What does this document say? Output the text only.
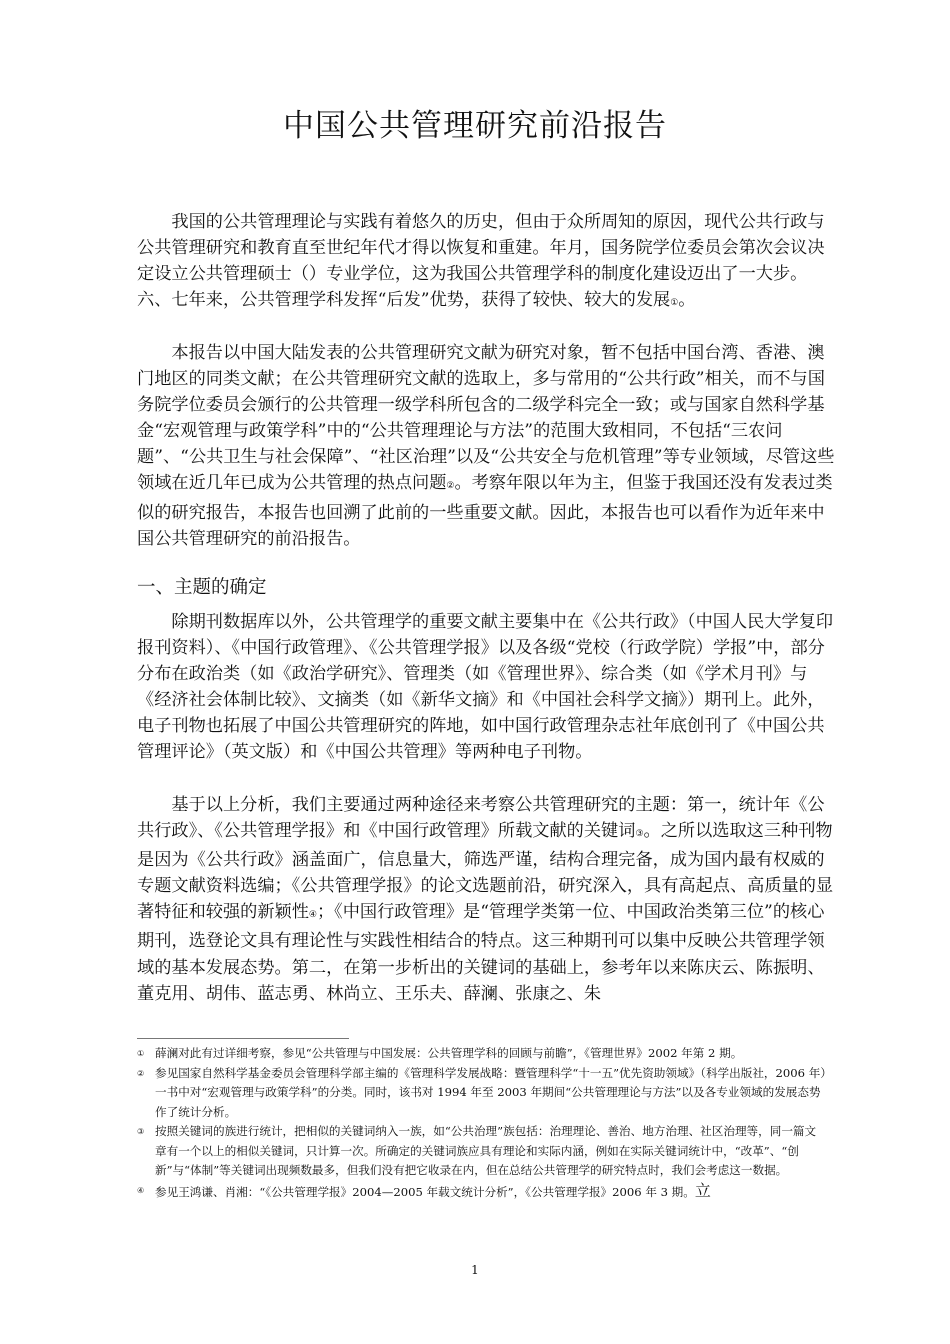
中国公共管理研究前沿报告

我国的公共管理理论与实践有着悠久的历史，但由于众所周知的原因，现代公共行政与公共管理研究和教育直至世纪年代才得以恢复和重建。年月，国务院学位委员会第次会议决定设立公共管理硕士（）专业学位，这为我国公共管理学科的制度化建设迈出了一大步。六、七年来，公共管理学科发挥“后发”优势，获得了较快、较大的发展①。

本报告以中国大陆发表的公共管理研究文献为研究对象，暂不包括中国台湾、香港、澳门地区的同类文献；在公共管理研究文献的选取上，多与常用的“公共行政”相关，而不与国务院学位委员会颁行的公共管理一级学科所包含的二级学科完全一致；或与国家自然科学基金“宏观管理与政策学科”中的“公共管理理论与方法”的范围大致相同，不包括“三农问题”、“公共卫生与社会保障”、“社区治理”以及“公共安全与危机管理”等专业领域，尽管这些领域在近几年已成为公共管理的热点问题②。考察年限以年为主，但鉴于我国还没有发表过类似的研究报告，本报告也回溯了此前的一些重要文献。因此，本报告也可以看作为近年来中国公共管理研究的前沿报告。

一、主题的确定

除期刊数据库以外，公共管理学的重要文献主要集中在《公共行政》（中国人民大学复印报刊资料）、《中国行政管理》、《公共管理学报》以及各级“党校（行政学院）学报”中，部分分布在政治类（如《政治学研究》、管理类（如《管理世界》、综合类（如《学术月刊》与《经济社会体制比较》、文摘类（如《新华文摘》和《中国社会科学文摘》）期刊上。此外，电子刊物也拓展了中国公共管理研究的阵地，如中国行政管理杂志社年底创刊了《中国公共管理评论》（英文版）和《中国公共管理》等两种电子刊物。

基于以上分析，我们主要通过两种途径来考察公共管理研究的主题：第一，统计年《公共行政》、《公共管理学报》和《中国行政管理》所载文献的关键词③。之所以选取这三种刊物是因为《公共行政》涵盖面广，信息量大，筛选严谨，结构合理完备，成为国内最有权威的专题文献资料选编；《公共管理学报》的论文选题前沿，研究深入，具有高起点、高质量的显著特征和较强的新颖性④；《中国行政管理》是“管理学类第一位、中国政治类第三位”的核心期刊，选登论文具有理论性与实践性相结合的特点。这三种期刊可以集中反映公共管理学领域的基本发展态势。第二，在第一步析出的关键词的基础上，参考年以来陈庆云、陈振明、董克用、胡伟、蓝志勇、林尚立、王乐夫、薛澜、张康之、朱

① 薛澜对此有过详细考察，参见“公共管理与中国发展：公共管理学科的回顾与前瞻”，《管理世界》2002 年第 2 期。

② 参见国家自然科学基金委员会管理科学部主编的《管理科学发展战略：暨管理科学“十一五”优先资助领域》（科学出版社，2006 年）一书中对“宏观管理与政策学科”的分类。同时，该书对 1994 年至 2003 年期间“公共管理理论与方法”以及各专业领域的发展态势作了统计分析。

③ 按照关键词的族进行统计，把相似的关键词纳入一族，如“公共治理”族包括：治理理论、善治、地方治理、社区治理等，同一篇文章有一个以上的相似关键词，只计算一次。所确定的关键词族应具有理论和实际内涵，例如在实际关键词统计中，“改革”、“创新”与“体制”等关键词出现频数最多，但我们没有把它收录在内，但在总结公共管理学的研究特点时，我们会考虑这一数据。

④ 参见王鸿谦、肖湘：“《公共管理学报》2004—2005 年载文统计分析”，《公共管理学报》2006 年 3 期。立

1
